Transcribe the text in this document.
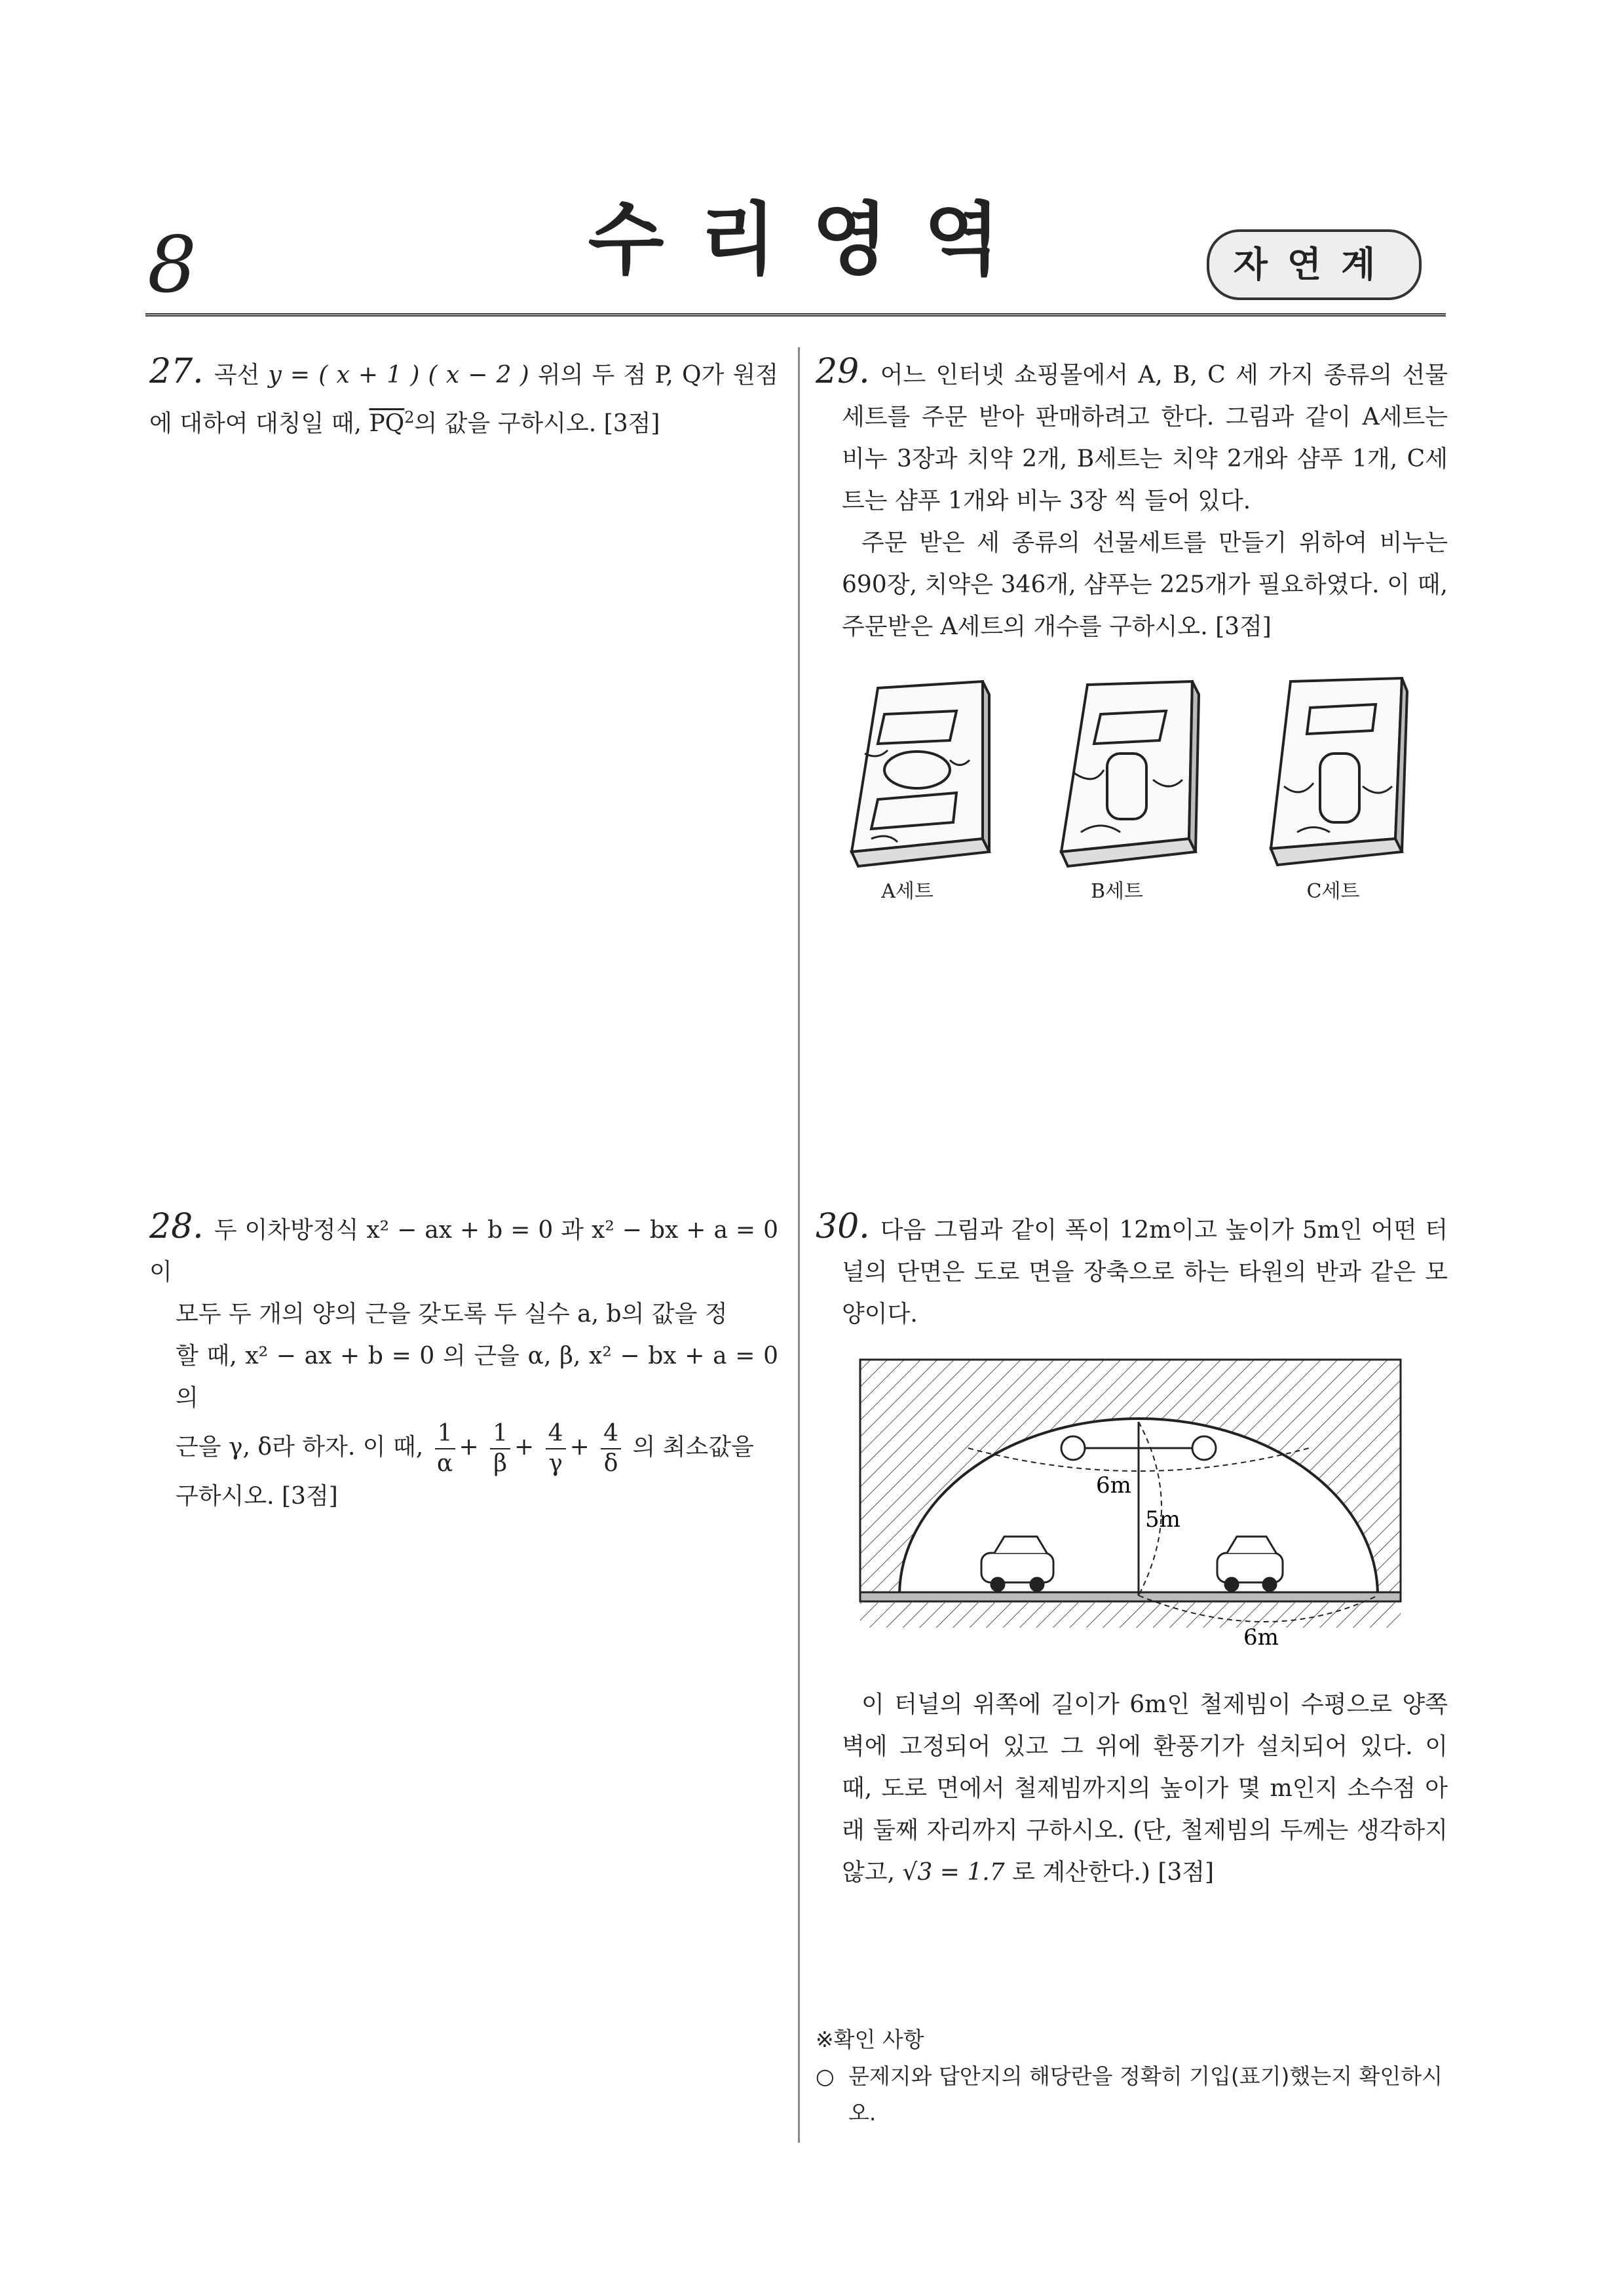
8	수리영역	자연계
27. 곡선 y = ( x + 1 ) ( x − 2 ) 위의 두 점 P, Q가 원점에 대하여 대칭일 때, $\overline{PQ}^2$의 값을 구하시오. [3점]
28. 두 이차방정식 x² − ax + b = 0 과 x² − bx + a = 0 이
모두 두 개의 양의 근을 갖도록 두 실수 a, b의 값을 정
할 때, x² − ax + b = 0 의 근을 α, β, x² − bx + a = 0 의
근을 γ, δ라 하자. 이 때, $\frac{1}{\alpha} + \frac{1}{\beta} + \frac{4}{\gamma} + \frac{4}{\delta}$ 의 최소값을
구하시오. [3점]
29. 어느 인터넷 쇼핑몰에서 A, B, C 세 가지 종류의 선물세트를 주문 받아 판매하려고 한다. 그림과 같이 A세트는 비누 3장과 치약 2개, B세트는 치약 2개와 샴푸 1개, C세트는 샴푸 1개와 비누 3장 씩 들어 있다.
주문 받은 세 종류의 선물세트를 만들기 위하여 비누는 690장, 치약은 346개, 샴푸는 225개가 필요하였다. 이 때, 주문받은 A세트의 개수를 구하시오. [3점]
A세트	B세트	C세트
30. 다음 그림과 같이 폭이 12m이고 높이가 5m인 어떤 터널의 단면은 도로 면을 장축으로 하는 타원의 반과 같은 모양이다.
6m
5m
6m
이 터널의 위쪽에 길이가 6m인 철제빔이 수평으로 양쪽 벽에 고정되어 있고 그 위에 환풍기가 설치되어 있다. 이 때, 도로 면에서 철제빔까지의 높이가 몇 m인지 소수점 아래 둘째 자리까지 구하시오. (단, 철제빔의 두께는 생각하지 않고, √3 = 1.7 로 계산한다.) [3점]
※확인 사항
○ 문제지와 답안지의 해당란을 정확히 기입(표기)했는지 확인하시오.
